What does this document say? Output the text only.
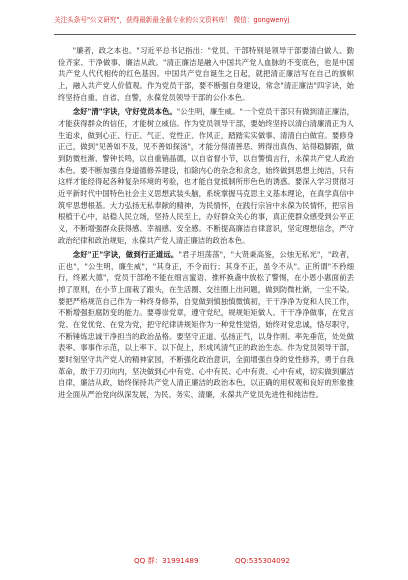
关注头条号"公文研究"，获得最新最全最专业的公文资料库！ 微信：gongwenyj

"廉者，政之本也。"习近平总书记指出："党员、干部特别是领导干部要清白做人、勤俭齐家、干净做事、廉洁从政。"清正廉洁是融入中国共产党人血脉的不变底色，也是中国共产党人代代相传的红色基因。中国共产党自诞生之日起，就把清正廉洁写在自己的旗帜上，融入共产党人价值观。作为党员干部，要不断强自身建设，常念"清正廉洁"四字诀，始终坚持自重、自省、自警，永葆党员领导干部的公仆本色。

念好"清"字诀，守好党员本色。"公生明，廉生威。"一个党员干部只有做到清正廉洁，才能获得群众的信任，才能树立威信。作为党员领导干部，要始终坚持以清白清廉清正为人生追求，做到心正、行正、气正、党性正、作风正，踏踏实实做事、清清白白做官。要修身正己，做到"见善如不及，见不善如探汤"，才能分得清善恶、辨得出真伪、站得稳脚跟，做到防微杜渐、警钟长鸣，以自重销晶德，以自省督小节，以自警慎言行，永葆共产党人政治本色。要不断加强自身道德修养建设，扣除内心的杂念和贪念，始终做到思想上纯洁，只有这样才能经得起各种复杂环境的考验，也才能自觉抵制所形色色的诱惑。要深入学习贯彻习近平新时代中国特色社会主义思想武装头脑，系统掌握马克思主义基本理论，在真学真信中筑牢思想根基。大力弘扬无私奉献的精神，为民情怀，在践行宗旨中永葆为民情怀，把宗旨根植于心中，站稳人民立场，坚持人民至上，办好群众关心的事，真正使群众感受到公平正义，不断增强群众获得感、幸福感、安全感。不断提高廉洁自律意识，坚定理想信念，严守政治纪律和政治规矩，永葆共产党人清正廉洁的政治本色。

念好"正"字诀，做到行正道远。"君子坦荡荡"，"大贤秉高鉴，公烛无私光"，"政者，正也"，"公生明，廉生威"，"其身正，不令而行；其身不正，虽令不从"。正所谓"不矜细行，终累大德"，党员干部绝不能在细言蜜语、推杯换盏中放松了警惕，在小恩小惠面前丢掉了原则，在小节上面栽了跟头，在生活圈、交往圈上出问题，做到防微杜渐，一尘不染。要把严格规范自己作为一种终身修养，自觉做到慎独慎微慎初，干干净净为党和人民工作，不断增强拒腐防变的能力。要尊崇党章，遵守党纪，规规矩矩做人、干干净净做事，在党言党、在党忧党、在党为党，把守纪律讲规矩作为一种党性觉悟，始终对党忠诚，恪尽职守，不断锤炼忠诚干净担当的政治品格。要坚守正道、弘扬正气，以身作则、率先垂范，处处做表率、事事作示范，以上率下、以下促上，形成风清气正的政治生态。作为党员领导干部，要时刻坚守共产党人的精神家园，不断强化政治意识，全面增强自身的党性修养，勇于自我革命，敢于刀刃向内，坚决做到心中有党、心中有民、心中有责、心中有戒，切实做到廉洁自律，廉洁从政，始终保持共产党人清正廉洁的政治本色，以正确的用权观和良好的形象推进全面从严治党向纵深发展，为民、务实、清廉，永葆共产党员先进性和纯洁性。

QQ 群：31991489	QQ:535304092
